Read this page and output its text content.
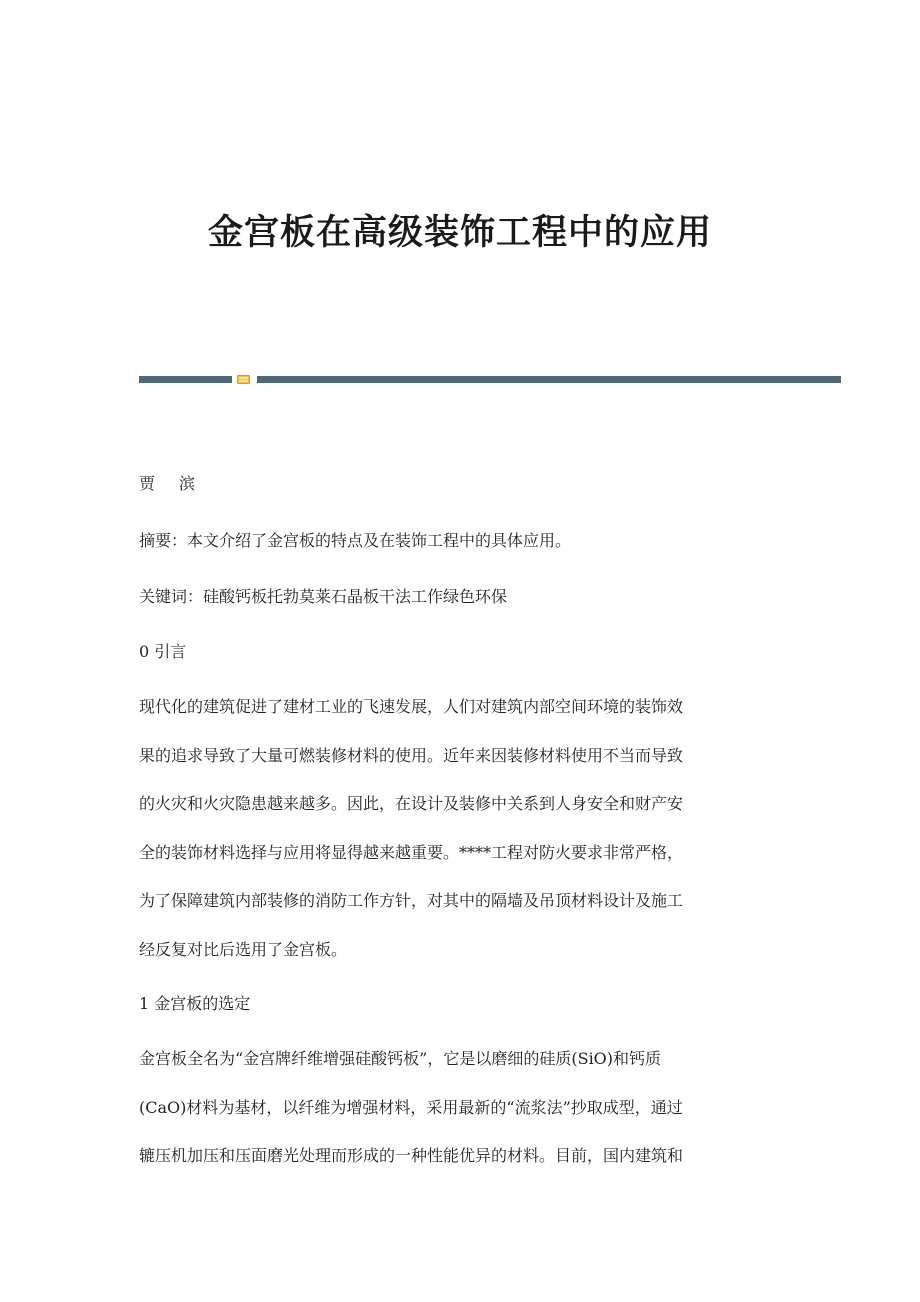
金宫板在高级装饰工程中的应用
贾 滨
摘要：本文介绍了金宫板的特点及在装饰工程中的具体应用。
关键词：硅酸钙板托勃莫莱石晶板干法工作绿色环保
0 引言
现代化的建筑促进了建材工业的飞速发展，人们对建筑内部空间环境的装饰效
果的追求导致了大量可燃装修材料的使用。近年来因装修材料使用不当而导致
的火灾和火灾隐患越来越多。因此，在设计及装修中关系到人身安全和财产安
全的装饰材料选择与应用将显得越来越重要。****工程对防火要求非常严格，
为了保障建筑内部装修的消防工作方针，对其中的隔墙及吊顶材料设计及施工
经反复对比后选用了金宫板。
1 金宫板的选定
金宫板全名为“金宫牌纤维增强硅酸钙板”，它是以磨细的硅质(SiO)和钙质
(CaO)材料为基材，以纤维为增强材料，采用最新的“流浆法”抄取成型，通过
辘压机加压和压面磨光处理而形成的一种性能优异的材料。目前，国内建筑和
